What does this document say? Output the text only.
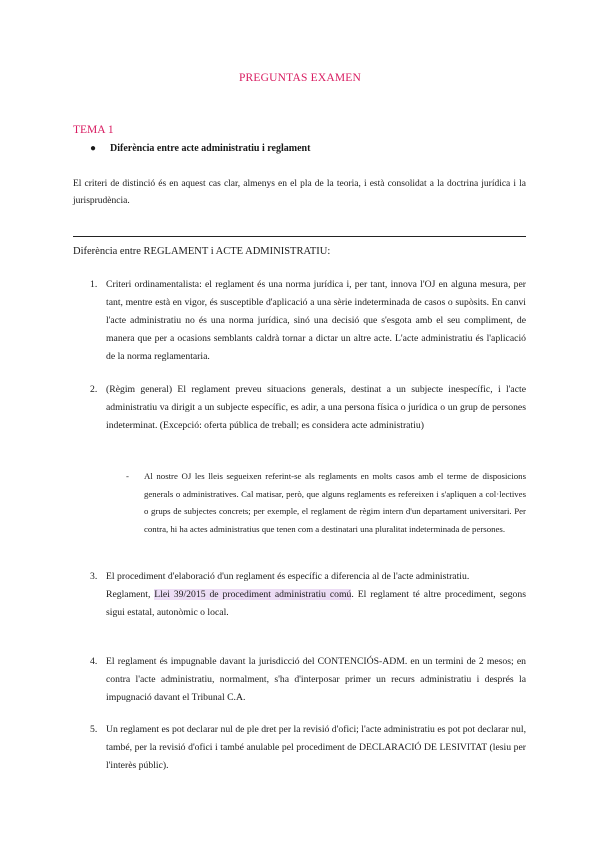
PREGUNTAS EXAMEN
TEMA 1
●	Diferència entre acte administratiu i reglament
El criteri de distinció és en aquest cas clar, almenys en el pla de la teoria, i està consolidat a la doctrina jurídica i la jurisprudència.
Diferència entre REGLAMENT i ACTE ADMINISTRATIU:
1. Criteri ordinamentalista: el reglament és una norma jurídica i, per tant, innova l'OJ en alguna mesura, per tant, mentre està en vigor, és susceptible d'aplicació a una sèrie indeterminada de casos o supòsits. En canvi l'acte administratiu no és una norma jurídica, sinó una decisió que s'esgota amb el seu compliment, de manera que per a ocasions semblants caldrà tornar a dictar un altre acte. L'acte administratiu és l'aplicació de la norma reglamentaria.
2. (Règim general) El reglament preveu situacions generals, destinat a un subjecte inespecífic, i l'acte administratiu va dirigit a un subjecte específic, es adir, a una persona física o jurídica o un grup de persones indeterminat. (Excepció: oferta pública de treball; es considera acte administratiu)
-	Al nostre OJ les lleis segueixen referint-se als reglaments en molts casos amb el terme de disposicions generals o administratives. Cal matisar, però, que alguns reglaments es refereixen i s'apliquen a col·lectives o grups de subjectes concrets; per exemple, el reglament de règim intern d'un departament universitari. Per contra, hi ha actes administratius que tenen com a destinatari una pluralitat indeterminada de persones.
3. El procediment d'elaboració d'un reglament és específic a diferencia al de l'acte administratiu.
Reglament, Llei 39/2015 de procediment administratiu comú. El reglament té altre procediment, segons sigui estatal, autonòmic o local.
4. El reglament és impugnable davant la jurisdicció del CONTENCIÓS-ADM. en un termini de 2 mesos; en contra l'acte administratiu, normalment, s'ha d'interposar primer un recurs administratiu i després la impugnació davant el Tribunal C.A.
5. Un reglament es pot declarar nul de ple dret per la revisió d'ofici; l'acte administratiu es pot pot declarar nul, també, per la revisió d'ofici i també anulable pel procediment de DECLARACIÓ DE LESIVITAT (lesiu per l'interès públic).
